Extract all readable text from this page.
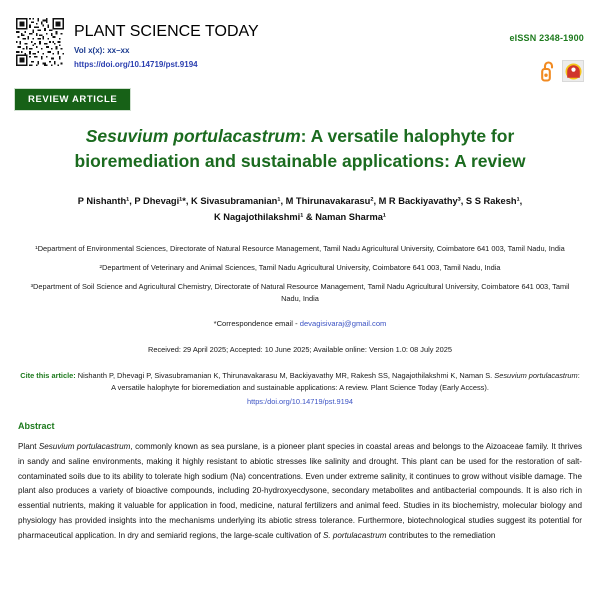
PLANT SCIENCE TODAY
Vol x(x): xx–xx
https://doi.org/10.14719/pst.9194
eISSN 2348-1900
REVIEW ARTICLE
Sesuvium portulacastrum: A versatile halophyte for
bioremediation and sustainable applications: A review
P Nishanth¹, P Dhevagi¹*, K Sivasubramanian¹, M Thirunavakarasu², M R Backiyavathy³, S S Rakesh¹,
K Nagajothilakshmi¹ & Naman Sharma¹
¹Department of Environmental Sciences, Directorate of Natural Resource Management, Tamil Nadu Agricultural University, Coimbatore 641 003, Tamil Nadu, India
²Department of Veterinary and Animal Sciences, Tamil Nadu Agricultural University, Coimbatore 641 003, Tamil Nadu, India
³Department of Soil Science and Agricultural Chemistry, Directorate of Natural Resource Management, Tamil Nadu Agricultural University, Coimbatore 641 003, Tamil Nadu, India
*Correspondence email - devagisivaraj@gmail.com
Received: 29 April 2025; Accepted: 10 June 2025; Available online: Version 1.0: 08 July 2025
Cite this article: Nishanth P, Dhevagi P, Sivasubramanian K, Thirunavakarasu M, Backiyavathy MR, Rakesh SS, Nagajothilakshmi K, Naman S. Sesuvium portulacastrum: A versatile halophyte for bioremediation and sustainable applications: A review. Plant Science Today (Early Access).
https:/doi.org/10.14719/pst.9194
Abstract
Plant Sesuvium portulacastrum, commonly known as sea purslane, is a pioneer plant species in coastal areas and belongs to the Aizoaceae family. It thrives in sandy and saline environments, making it highly resistant to abiotic stresses like salinity and drought. This plant can be used for the restoration of salt-contaminated soils due to its ability to tolerate high sodium (Na) concentrations. Even under extreme salinity, it continues to grow without visible damage. The plant also produces a variety of bioactive compounds, including 20-hydroxyecdysone, secondary metabolites and antibacterial compounds. It is also rich in essential nutrients, making it valuable for application in food, medicine, natural fertilizers and animal feed. Studies in its biochemistry, molecular biology and physiology has provided insights into the mechanisms underlying its abiotic stress tolerance. Furthermore, biotechnological studies suggest its potential for pharmaceutical application. In dry and semiarid regions, the large-scale cultivation of S. portulacastrum contributes to the remediation
